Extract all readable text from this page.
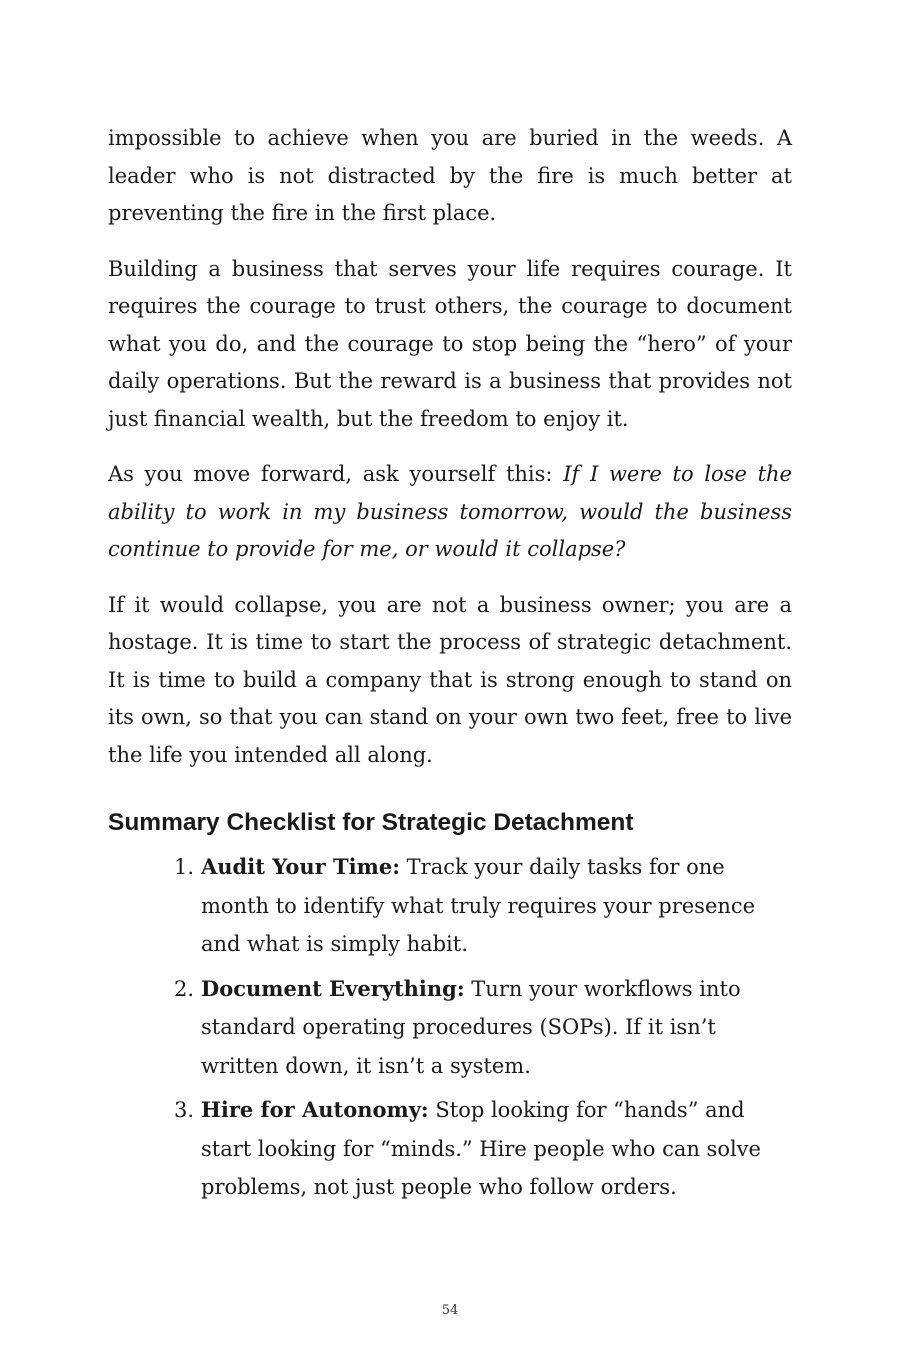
impossible to achieve when you are buried in the weeds. A leader who is not distracted by the fire is much better at preventing the fire in the first place.

Building a business that serves your life requires courage. It requires the courage to trust others, the courage to document what you do, and the courage to stop being the “hero” of your daily operations. But the reward is a business that provides not just financial wealth, but the freedom to enjoy it.

As you move forward, ask yourself this: If I were to lose the ability to work in my business tomorrow, would the business continue to provide for me, or would it collapse?

If it would collapse, you are not a business owner; you are a hostage. It is time to start the process of strategic detachment. It is time to build a company that is strong enough to stand on its own, so that you can stand on your own two feet, free to live the life you intended all along.

Summary Checklist for Strategic Detachment
1. Audit Your Time: Track your daily tasks for one month to identify what truly requires your presence and what is simply habit.
2. Document Everything: Turn your workflows into standard operating procedures (SOPs). If it isn’t written down, it isn’t a system.
3. Hire for Autonomy: Stop looking for “hands” and start looking for “minds.” Hire people who can solve problems, not just people who follow orders.
54
